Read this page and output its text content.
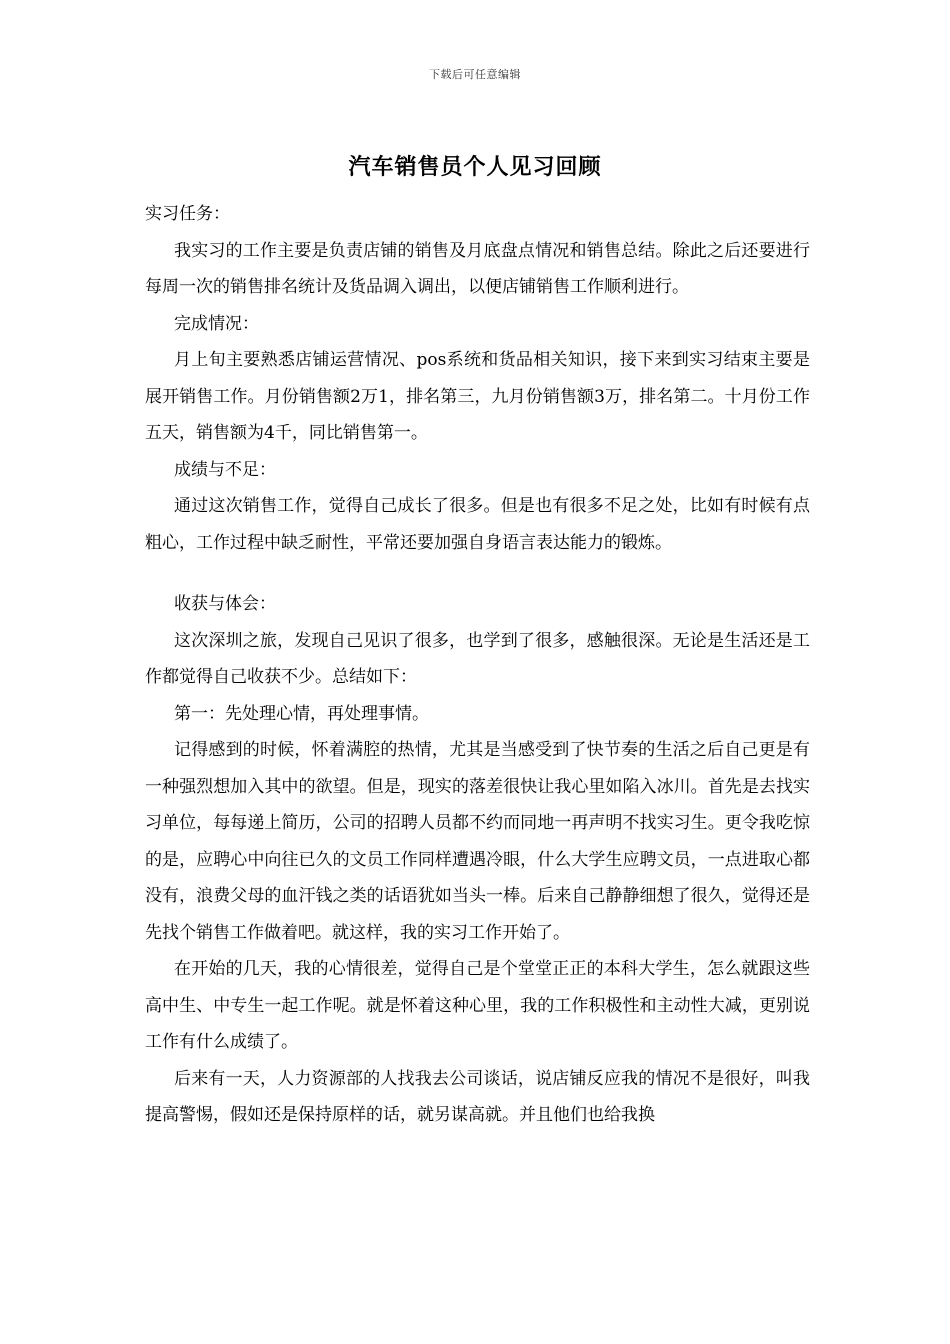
下载后可任意编辑
汽车销售员个人见习回顾

实习任务：

我实习的工作主要是负责店铺的销售及月底盘点情况和销售总结。除此之后还要进行每周一次的销售排名统计及货品调入调出，以便店铺销售工作顺利进行。

完成情况：

月上旬主要熟悉店铺运营情况、pos系统和货品相关知识，接下来到实习结束主要是展开销售工作。月份销售额2万1，排名第三，九月份销售额3万，排名第二。十月份工作五天，销售额为4千，同比销售第一。

成绩与不足：

通过这次销售工作，觉得自己成长了很多。但是也有很多不足之处，比如有时候有点粗心，工作过程中缺乏耐性，平常还要加强自身语言表达能力的锻炼。

收获与体会：

这次深圳之旅，发现自己见识了很多，也学到了很多，感触很深。无论是生活还是工作都觉得自己收获不少。总结如下：

第一：先处理心情，再处理事情。

记得感到的时候，怀着满腔的热情，尤其是当感受到了快节奏的生活之后自己更是有一种强烈想加入其中的欲望。但是，现实的落差很快让我心里如陷入冰川。首先是去找实习单位，每每递上简历，公司的招聘人员都不约而同地一再声明不找实习生。更令我吃惊的是，应聘心中向往已久的文员工作同样遭遇冷眼，什么大学生应聘文员，一点进取心都没有，浪费父母的血汗钱之类的话语犹如当头一棒。后来自己静静细想了很久，觉得还是先找个销售工作做着吧。就这样，我的实习工作开始了。

在开始的几天，我的心情很差，觉得自己是个堂堂正正的本科大学生，怎么就跟这些高中生、中专生一起工作呢。就是怀着这种心里，我的工作积极性和主动性大减，更别说工作有什么成绩了。

后来有一天，人力资源部的人找我去公司谈话，说店铺反应我的情况不是很好，叫我提高警惕，假如还是保持原样的话，就另谋高就。并且他们也给我换
